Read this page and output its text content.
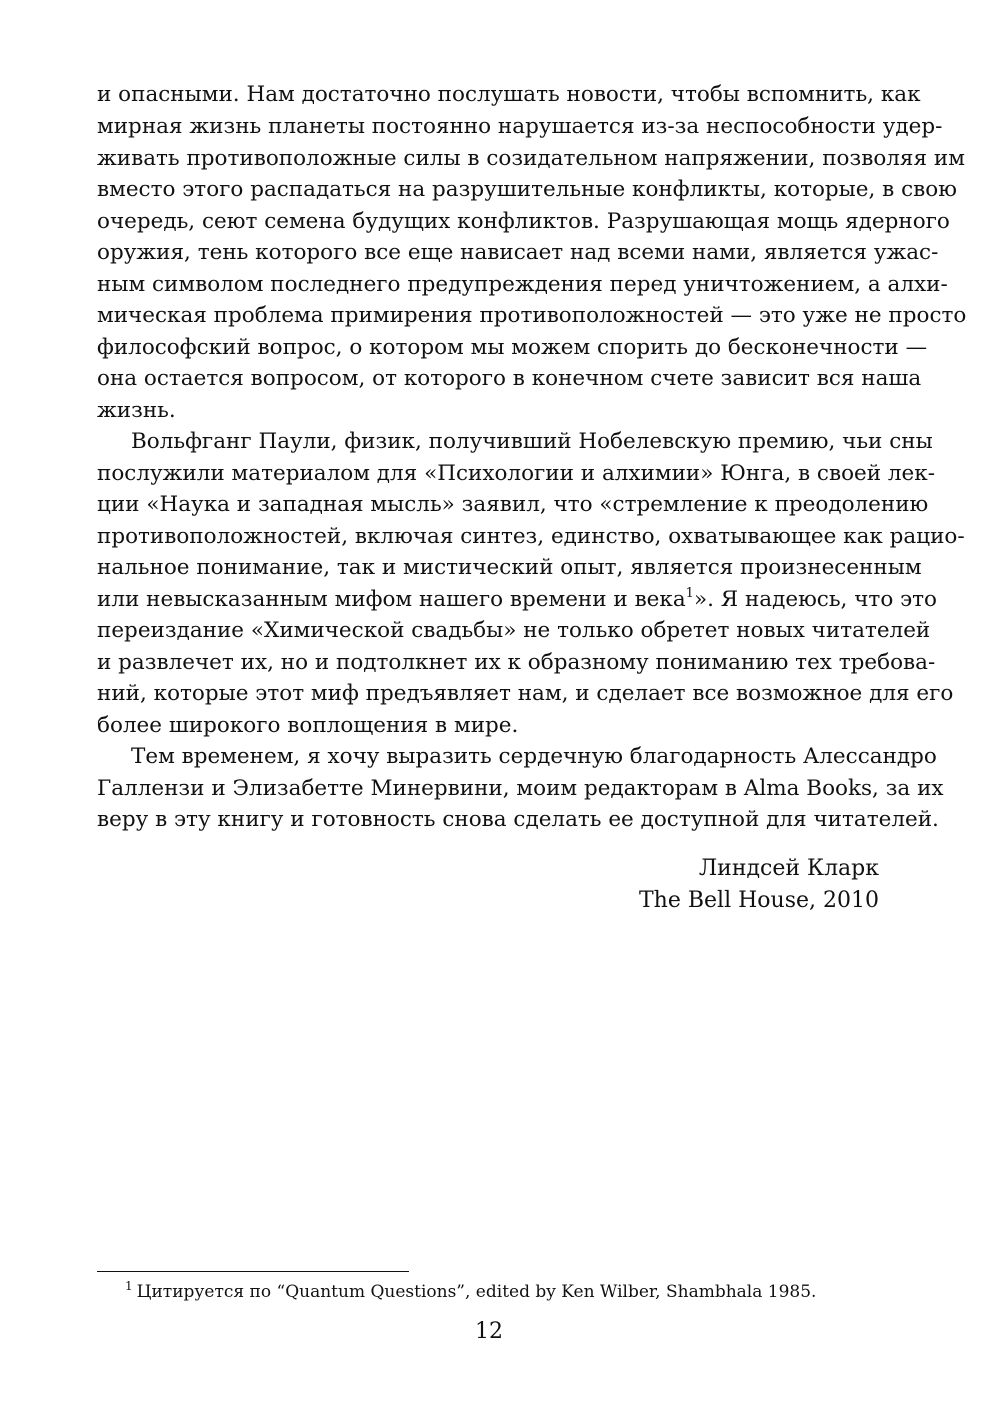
и опасными. Нам достаточно послушать новости, чтобы вспомнить, как
мирная жизнь планеты постоянно нарушается из-за неспособности удер-
живать противоположные силы в созидательном напряжении, позволяя им
вместо этого распадаться на разрушительные конфликты, которые, в свою
очередь, сеют семена будущих конфликтов. Разрушающая мощь ядерного
оружия, тень которого все еще нависает над всеми нами, является ужас-
ным символом последнего предупреждения перед уничтожением, а алхи-
мическая проблема примирения противоположностей — это уже не просто
философский вопрос, о котором мы можем спорить до бесконечности —
она остается вопросом, от которого в конечном счете зависит вся наша
жизнь.
Вольфганг Паули, физик, получивший Нобелевскую премию, чьи сны
послужили материалом для «Психологии и алхимии» Юнга, в своей лек-
ции «Наука и западная мысль» заявил, что «стремление к преодолению
противоположностей, включая синтез, единство, охватывающее как рацио-
нальное понимание, так и мистический опыт, является произнесенным
или невысказанным мифом нашего времени и века$^1$». Я надеюсь, что это
переиздание «Химической свадьбы» не только обретет новых читателей
и развлечет их, но и подтолкнет их к образному пониманию тех требова-
ний, которые этот миф предъявляет нам, и сделает все возможное для его
более широкого воплощения в мире.
Тем временем, я хочу выразить сердечную благодарность Алессандро
Галлензи и Элизабетте Минервини, моим редакторам в Alma Books, за их
веру в эту книгу и готовность снова сделать ее доступной для читателей.
Линдсей Кларк
The Bell House, 2010
$^1$ Цитируется по “Quantum Questions”, edited by Ken Wilber, Shambhala 1985.
12
